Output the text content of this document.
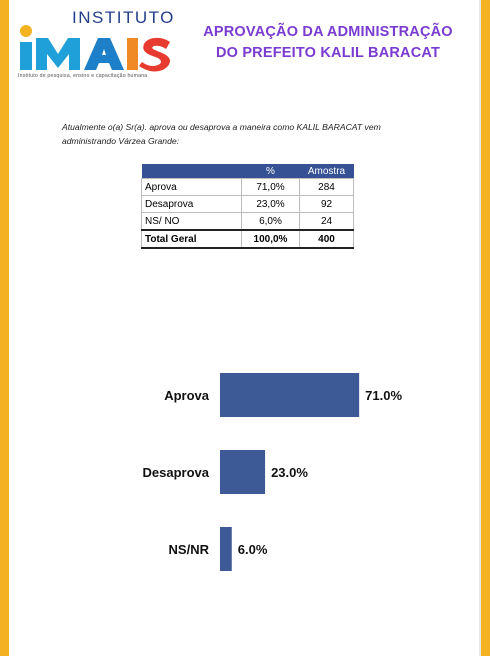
INSTITUTO
Instituto de pesquisa, ensino e capacitação humana
APROVAÇÃO DA ADMINISTRAÇÃO
DO PREFEITO KALIL BARACAT
Atualmente o(a) Sr(a). aprova ou desaprova a maneira como KALIL BARACAT vem administrando Várzea Grande:
	%	Amostra
Aprova	71,0%	284
Desaprova	23,0%	92
NS/ NO	6,0%	24
Total Geral	100,0%	400
Aprova	71.0%
Desaprova	23.0%
NS/NR 6.0%
